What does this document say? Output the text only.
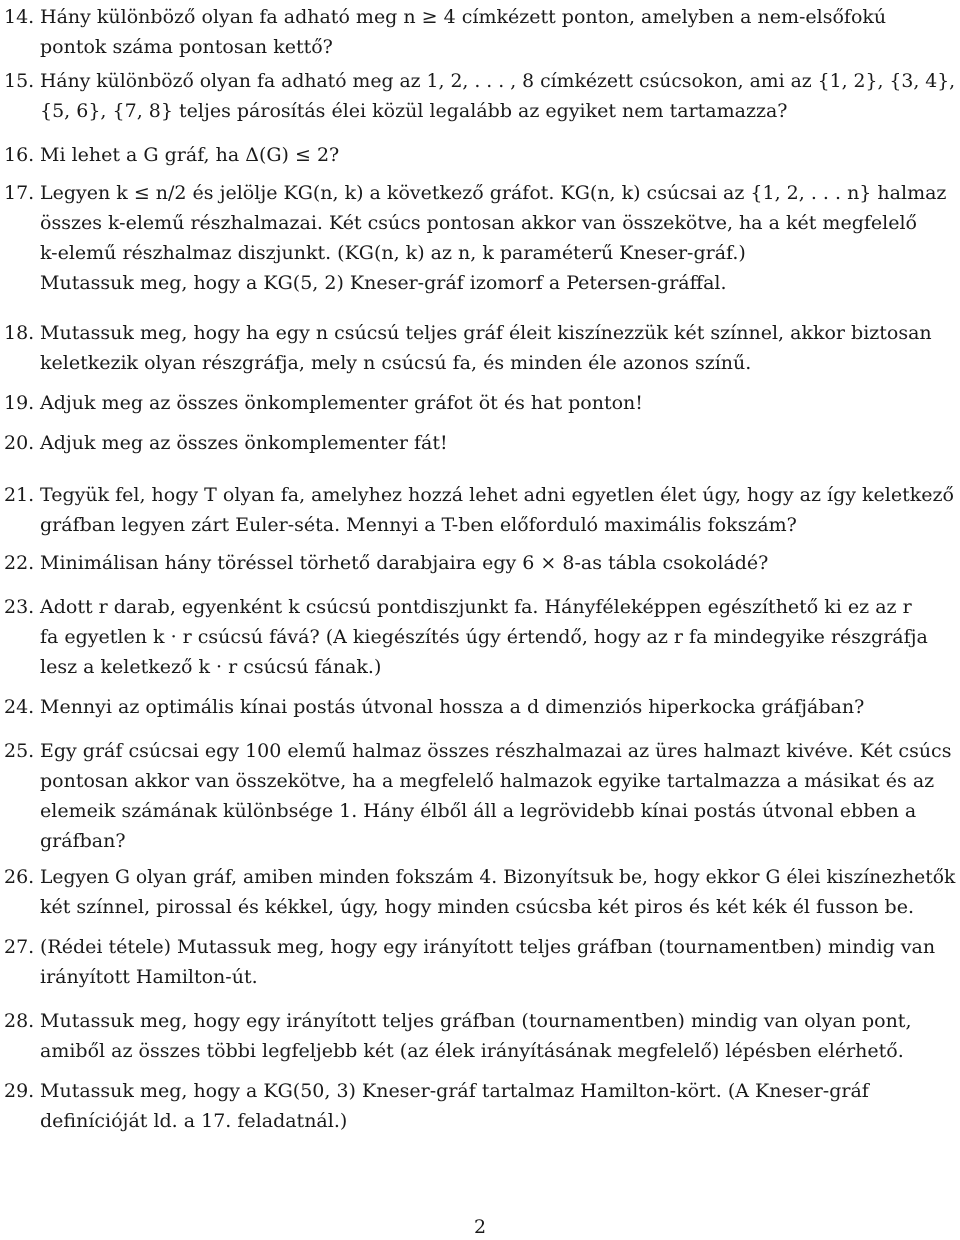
14. Hány különböző olyan fa adható meg n ≥ 4 címkézett ponton, amelyben a nem-elsőfokú
pontok száma pontosan kettő?
15. Hány különböző olyan fa adható meg az 1, 2, . . . , 8 címkézett csúcsokon, ami az {1, 2}, {3, 4},
{5, 6}, {7, 8} teljes párosítás élei közül legalább az egyiket nem tartamazza?
16. Mi lehet a G gráf, ha Δ(G) ≤ 2?
17. Legyen k ≤ n/2 és jelölje KG(n, k) a következő gráfot. KG(n, k) csúcsai az {1, 2, . . . n} halmaz
összes k-elemű részhalmazai. Két csúcs pontosan akkor van összekötve, ha a két megfelelő
k-elemű részhalmaz diszjunkt. (KG(n, k) az n, k paraméterű Kneser-gráf.)
Mutassuk meg, hogy a KG(5, 2) Kneser-gráf izomorf a Petersen-gráffal.
18. Mutassuk meg, hogy ha egy n csúcsú teljes gráf éleit kiszínezzük két színnel, akkor biztosan
keletkezik olyan részgráfja, mely n csúcsú fa, és minden éle azonos színű.
19. Adjuk meg az összes önkomplementer gráfot öt és hat ponton!
20. Adjuk meg az összes önkomplementer fát!
21. Tegyük fel, hogy T olyan fa, amelyhez hozzá lehet adni egyetlen élet úgy, hogy az így keletkező
gráfban legyen zárt Euler-séta. Mennyi a T-ben előforduló maximális fokszám?
22. Minimálisan hány töréssel törhető darabjaira egy 6 × 8-as tábla csokoládé?
23. Adott r darab, egyenként k csúcsú pontdiszjunkt fa. Hányféleképpen egészíthető ki ez az r
fa egyetlen k · r csúcsú fává? (A kiegészítés úgy értendő, hogy az r fa mindegyike részgráfja
lesz a keletkező k · r csúcsú fának.)
24. Mennyi az optimális kínai postás útvonal hossza a d dimenziós hiperkocka gráfjában?
25. Egy gráf csúcsai egy 100 elemű halmaz összes részhalmazai az üres halmazt kivéve. Két csúcs
pontosan akkor van összekötve, ha a megfelelő halmazok egyike tartalmazza a másikat és az
elemeik számának különbsége 1. Hány élből áll a legrövidebb kínai postás útvonal ebben a
gráfban?
26. Legyen G olyan gráf, amiben minden fokszám 4. Bizonyítsuk be, hogy ekkor G élei kiszínezhetők
két színnel, pirossal és kékkel, úgy, hogy minden csúcsba két piros és két kék él fusson be.
27. (Rédei tétele) Mutassuk meg, hogy egy irányított teljes gráfban (tournamentben) mindig van
irányított Hamilton-út.
28. Mutassuk meg, hogy egy irányított teljes gráfban (tournamentben) mindig van olyan pont,
amiből az összes többi legfeljebb két (az élek irányításának megfelelő) lépésben elérhető.
29. Mutassuk meg, hogy a KG(50, 3) Kneser-gráf tartalmaz Hamilton-kört. (A Kneser-gráf
definícióját ld. a 17. feladatnál.)
2
